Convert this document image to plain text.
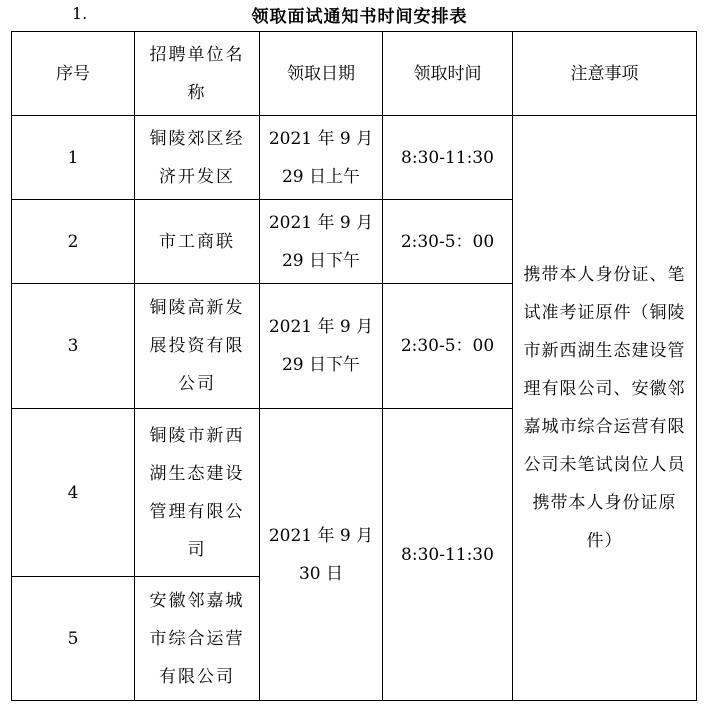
1.	领取面试通知书时间安排表
序号	招聘单位名称	领取日期	领取时间	注意事项
1	铜陵郊区经济开发区	2021 年 9 月 29 日上午	8:30-11:30	携带本人身份证、笔试准考证原件（铜陵市新西湖生态建设管理有限公司、安徽邻嘉城市综合运营有限公司未笔试岗位人员携带本人身份证原件）
2	市工商联	2021 年 9 月 29 日下午	2:30-5：00	
3	铜陵高新发展投资有限公司	2021 年 9 月 29 日下午	2:30-5：00	
4	铜陵市新西湖生态建设管理有限公司	2021 年 9 月 30 日	8:30-11:30	
5	安徽邻嘉城市综合运营有限公司			
